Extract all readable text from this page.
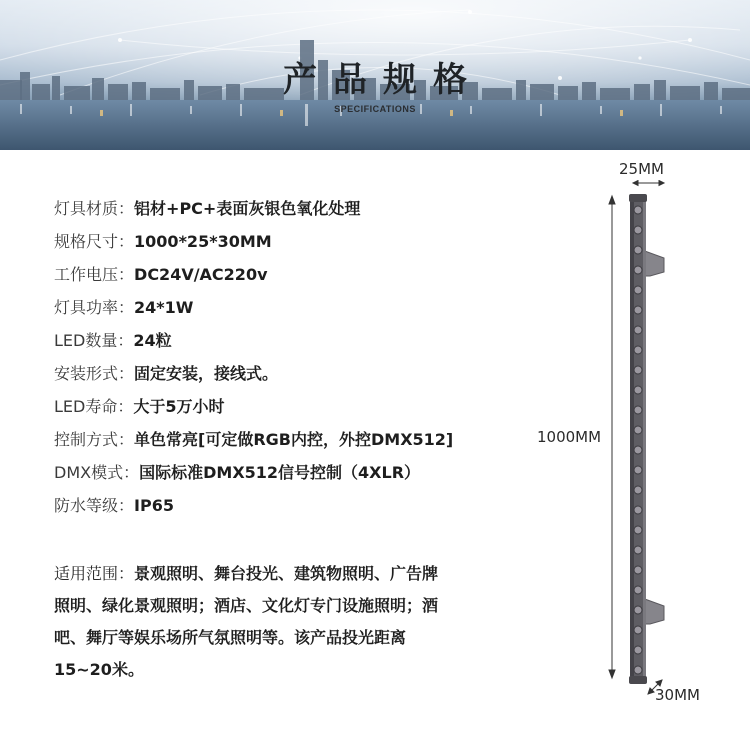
产品规格
SPECIFICATIONS
灯具材质：铝材+PC+表面灰银色氧化处理
规格尺寸：1000*25*30MM
工作电压：DC24V/AC220v
灯具功率：24*1W
LED数量：24粒
安装形式：固定安装，接线式。
LED寿命：大于5万小时
控制方式：单色常亮[可定做RGB内控，外控DMX512]
DMX模式：国际标准DMX512信号控制（4XLR）
防水等级：IP65
适用范围：景观照明、舞台投光、建筑物照明、广告牌
照明、绿化景观照明；酒店、文化灯专门设施照明；酒
吧、舞厅等娱乐场所气氛照明等。该产品投光距离
15~20米。
25MM
1000MM
30MM
